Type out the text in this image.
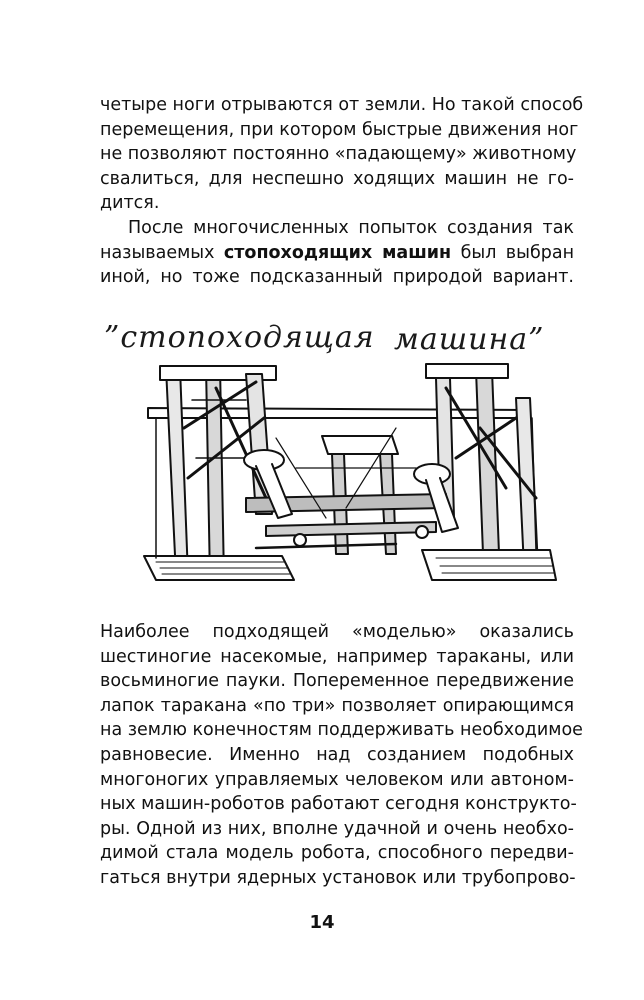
четыре ноги отрываются от земли. Но такой способ
перемещения, при котором быстрые движения ног
не позволяют постоянно «падающему» животному
свалиться, для неспешно ходящих машин не го-
дится.
После многочисленных попыток создания так
называемых стопоходящих машин был выбран
иной, но тоже подсказанный природой вариант.
”стопоходящая машина”
Наиболее подходящей «моделью» оказались
шестиногие насекомые, например тараканы, или
восьминогие пауки. Попеременное передвижение
лапок таракана «по три» позволяет опирающимся
на землю конечностям поддерживать необходимое
равновесие. Именно над созданием подобных
многоногих управляемых человеком или автоном-
ных машин-роботов работают сегодня конструкто-
ры. Одной из них, вполне удачной и очень необхо-
димой стала модель робота, способного передви-
гаться внутри ядерных установок или трубопрово-
14
